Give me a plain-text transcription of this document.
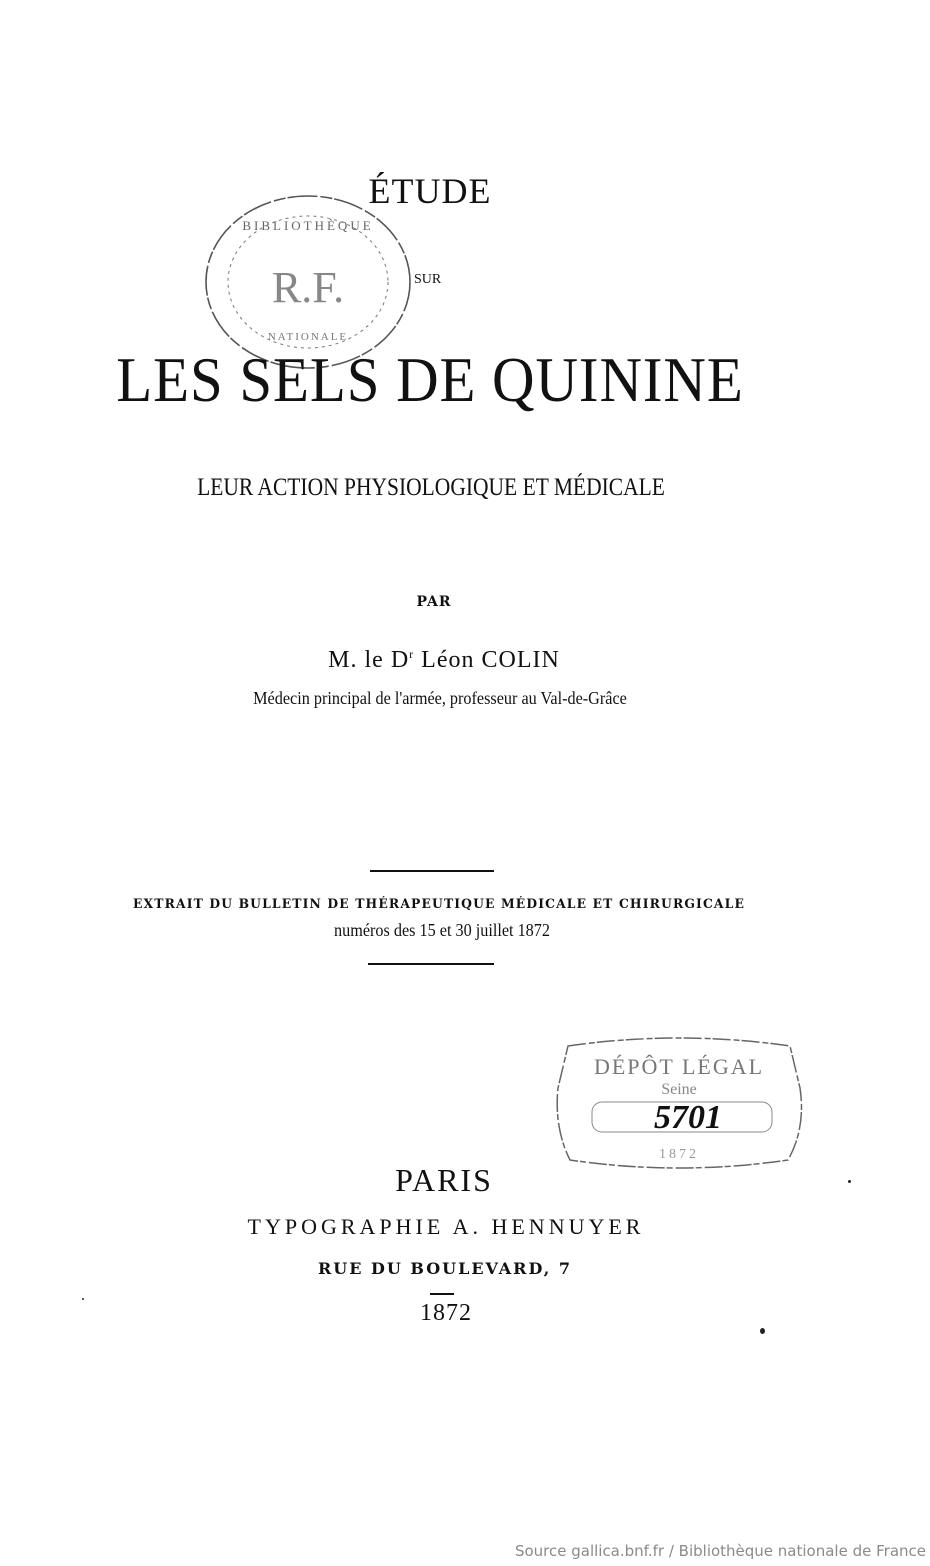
BIBLIOTHÈQUE
R.F.
NATIONALE
ÉTUDE
SUR
LES SELS DE QUININE
LEUR ACTION PHYSIOLOGIQUE ET MÉDICALE
PAR
M. le $D^r$ Léon COLIN
Médecin principal de l'armée, professeur au Val-de-Grâce
EXTRAIT DU BULLETIN DE THÉRAPEUTIQUE MÉDICALE ET CHIRURGICALE
numéros des 15 et 30 juillet 1872
DÉPÔT LÉGAL
Seine
5701
1872
PARIS
TYPOGRAPHIE A. HENNUYER
RUE DU BOULEVARD, 7
1872
Source gallica.bnf.fr / Bibliothèque nationale de France
